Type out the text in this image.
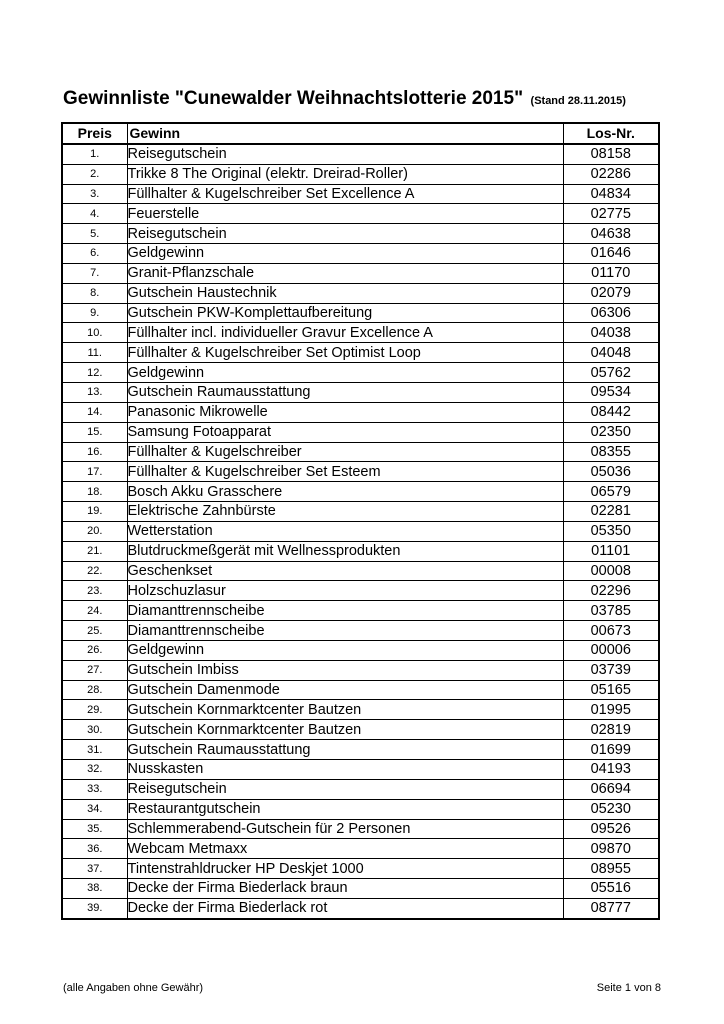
Gewinnliste "Cunewalder Weihnachtslotterie 2015" (Stand 28.11.2015)
Preis	Gewinn	Los-Nr.
1.	Reisegutschein	08158
2.	Trikke 8 The Original (elektr. Dreirad-Roller)	02286
3.	Füllhalter & Kugelschreiber Set Excellence A	04834
4.	Feuerstelle	02775
5.	Reisegutschein	04638
6.	Geldgewinn	01646
7.	Granit-Pflanzschale	01170
8.	Gutschein Haustechnik	02079
9.	Gutschein PKW-Komplettaufbereitung	06306
10.	Füllhalter incl. individueller Gravur Excellence A	04038
11.	Füllhalter & Kugelschreiber Set Optimist Loop	04048
12.	Geldgewinn	05762
13.	Gutschein Raumausstattung	09534
14.	Panasonic Mikrowelle	08442
15.	Samsung Fotoapparat	02350
16.	Füllhalter & Kugelschreiber	08355
17.	Füllhalter & Kugelschreiber Set Esteem	05036
18.	Bosch Akku Grasschere	06579
19.	Elektrische Zahnbürste	02281
20.	Wetterstation	05350
21.	Blutdruckmeßgerät mit Wellnessprodukten	01101
22.	Geschenkset	00008
23.	Holzschuzlasur	02296
24.	Diamanttrennscheibe	03785
25.	Diamanttrennscheibe	00673
26.	Geldgewinn	00006
27.	Gutschein Imbiss	03739
28.	Gutschein Damenmode	05165
29.	Gutschein Kornmarktcenter Bautzen	01995
30.	Gutschein Kornmarktcenter Bautzen	02819
31.	Gutschein Raumausstattung	01699
32.	Nusskasten	04193
33.	Reisegutschein	06694
34.	Restaurantgutschein	05230
35.	Schlemmerabend-Gutschein für 2 Personen	09526
36.	Webcam Metmaxx	09870
37.	Tintenstrahldrucker HP Deskjet 1000	08955
38.	Decke der Firma Biederlack braun	05516
39.	Decke der Firma Biederlack rot	08777
(alle Angaben ohne Gewähr)	Seite 1 von 8
